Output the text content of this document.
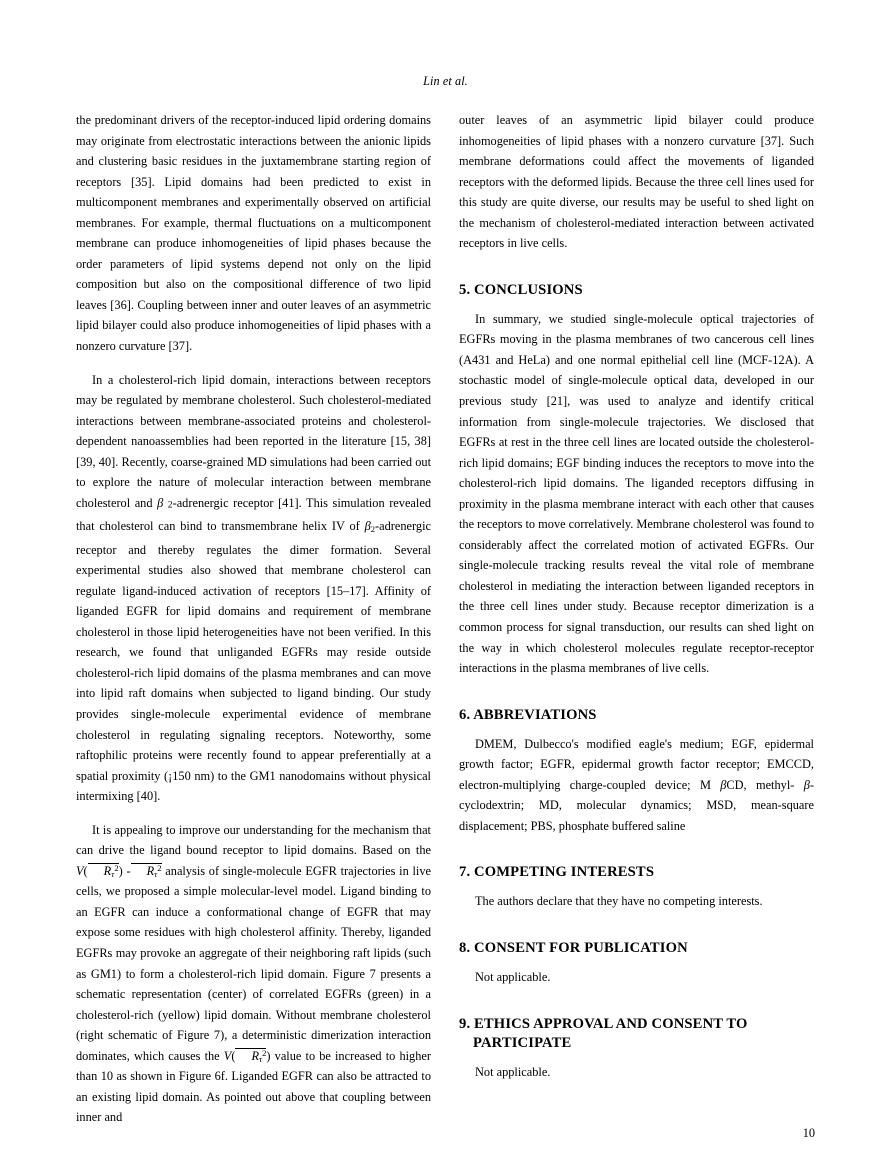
Lin et al.

the predominant drivers of the receptor-induced lipid ordering domains may originate from electrostatic interactions between the anionic lipids and clustering basic residues in the juxtamembrane starting region of receptors [35]. Lipid domains had been predicted to exist in multicomponent membranes and experimentally observed on artificial membranes. For example, thermal fluctuations on a multicomponent membrane can produce inhomogeneities of lipid phases because the order parameters of lipid systems depend not only on the lipid composition but also on the compositional difference of two lipid leaves [36]. Coupling between inner and outer leaves of an asymmetric lipid bilayer could also produce inhomogeneities of lipid phases with a nonzero curvature [37].

In a cholesterol-rich lipid domain, interactions between receptors may be regulated by membrane cholesterol. Such cholesterol-mediated interactions between membrane-associated proteins and cholesterol-dependent nanoassemblies had been reported in the literature [15, 38] [39, 40]. Recently, coarse-grained MD simulations had been carried out to explore the nature of molecular interaction between membrane cholesterol and β 2-adrenergic receptor [41]. This simulation revealed that cholesterol can bind to transmembrane helix IV of $\beta_2$-adrenergic receptor and thereby regulates the dimer formation. Several experimental studies also showed that membrane cholesterol can regulate ligand-induced activation of receptors [15–17]. Affinity of liganded EGFR for lipid domains and requirement of membrane cholesterol in those lipid heterogeneities have not been verified. In this research, we found that unliganded EGFRs may reside outside cholesterol-rich lipid domains of the plasma membranes and can move into lipid raft domains when subjected to ligand binding. Our study provides single-molecule experimental evidence of membrane cholesterol in regulating signaling receptors. Noteworthy, some raftophilic proteins were recently found to appear preferentially at a spatial proximity (¡150 nm) to the GM1 nanodomains without physical intermixing [40].

It is appealing to improve our understanding for the mechanism that can drive the ligand bound receptor to lipid domains. Based on the V( $R_\tau^2) - R_\tau^2$ analysis of single-molecule EGFR trajectories in live cells, we proposed a simple molecular-level model. Ligand binding to an EGFR can induce a conformational change of EGFR that may expose some residues with high cholesterol affinity. Thereby, liganded EGFRs may provoke an aggregate of their neighboring raft lipids (such as GM1) to form a cholesterol-rich lipid domain. Figure 7 presents a schematic representation (center) of correlated EGFRs (green) in a cholesterol-rich (yellow) lipid domain. Without membrane cholesterol (right schematic of Figure 7), a deterministic dimerization interaction dominates, which causes the V( $R_\tau^2$) value to be increased to higher than 10 as shown in Figure 6f. Liganded EGFR can also be attracted to an existing lipid domain. As pointed out above that coupling between inner and

outer leaves of an asymmetric lipid bilayer could produce inhomogeneities of lipid phases with a nonzero curvature [37]. Such membrane deformations could affect the movements of liganded receptors with the deformed lipids. Because the three cell lines used for this study are quite diverse, our results may be useful to shed light on the mechanism of cholesterol-mediated interaction between activated receptors in live cells.

5. CONCLUSIONS

In summary, we studied single-molecule optical trajectories of EGFRs moving in the plasma membranes of two cancerous cell lines (A431 and HeLa) and one normal epithelial cell line (MCF-12A). A stochastic model of single-molecule optical data, developed in our previous study [21], was used to analyze and identify critical information from single-molecule trajectories. We disclosed that EGFRs at rest in the three cell lines are located outside the cholesterol-rich lipid domains; EGF binding induces the receptors to move into the cholesterol-rich lipid domains. The liganded receptors diffusing in proximity in the plasma membrane interact with each other that causes the receptors to move correlatively. Membrane cholesterol was found to considerably affect the correlated motion of activated EGFRs. Our single-molecule tracking results reveal the vital role of membrane cholesterol in mediating the interaction between liganded receptors in the three cell lines under study. Because receptor dimerization is a common process for signal transduction, our results can shed light on the way in which cholesterol molecules regulate receptor-receptor interactions in the plasma membranes of live cells.

6. ABBREVIATIONS

DMEM, Dulbecco's modified eagle's medium; EGF, epidermal growth factor; EGFR, epidermal growth factor receptor; EMCCD, electron-multiplying charge-coupled device; M βCD, methyl- β-cyclodextrin; MD, molecular dynamics; MSD, mean-square displacement; PBS, phosphate buffered saline

7. COMPETING INTERESTS

The authors declare that they have no competing interests.

8. CONSENT FOR PUBLICATION

Not applicable.

9. ETHICS APPROVAL AND CONSENT TO
PARTICIPATE

Not applicable.

10
